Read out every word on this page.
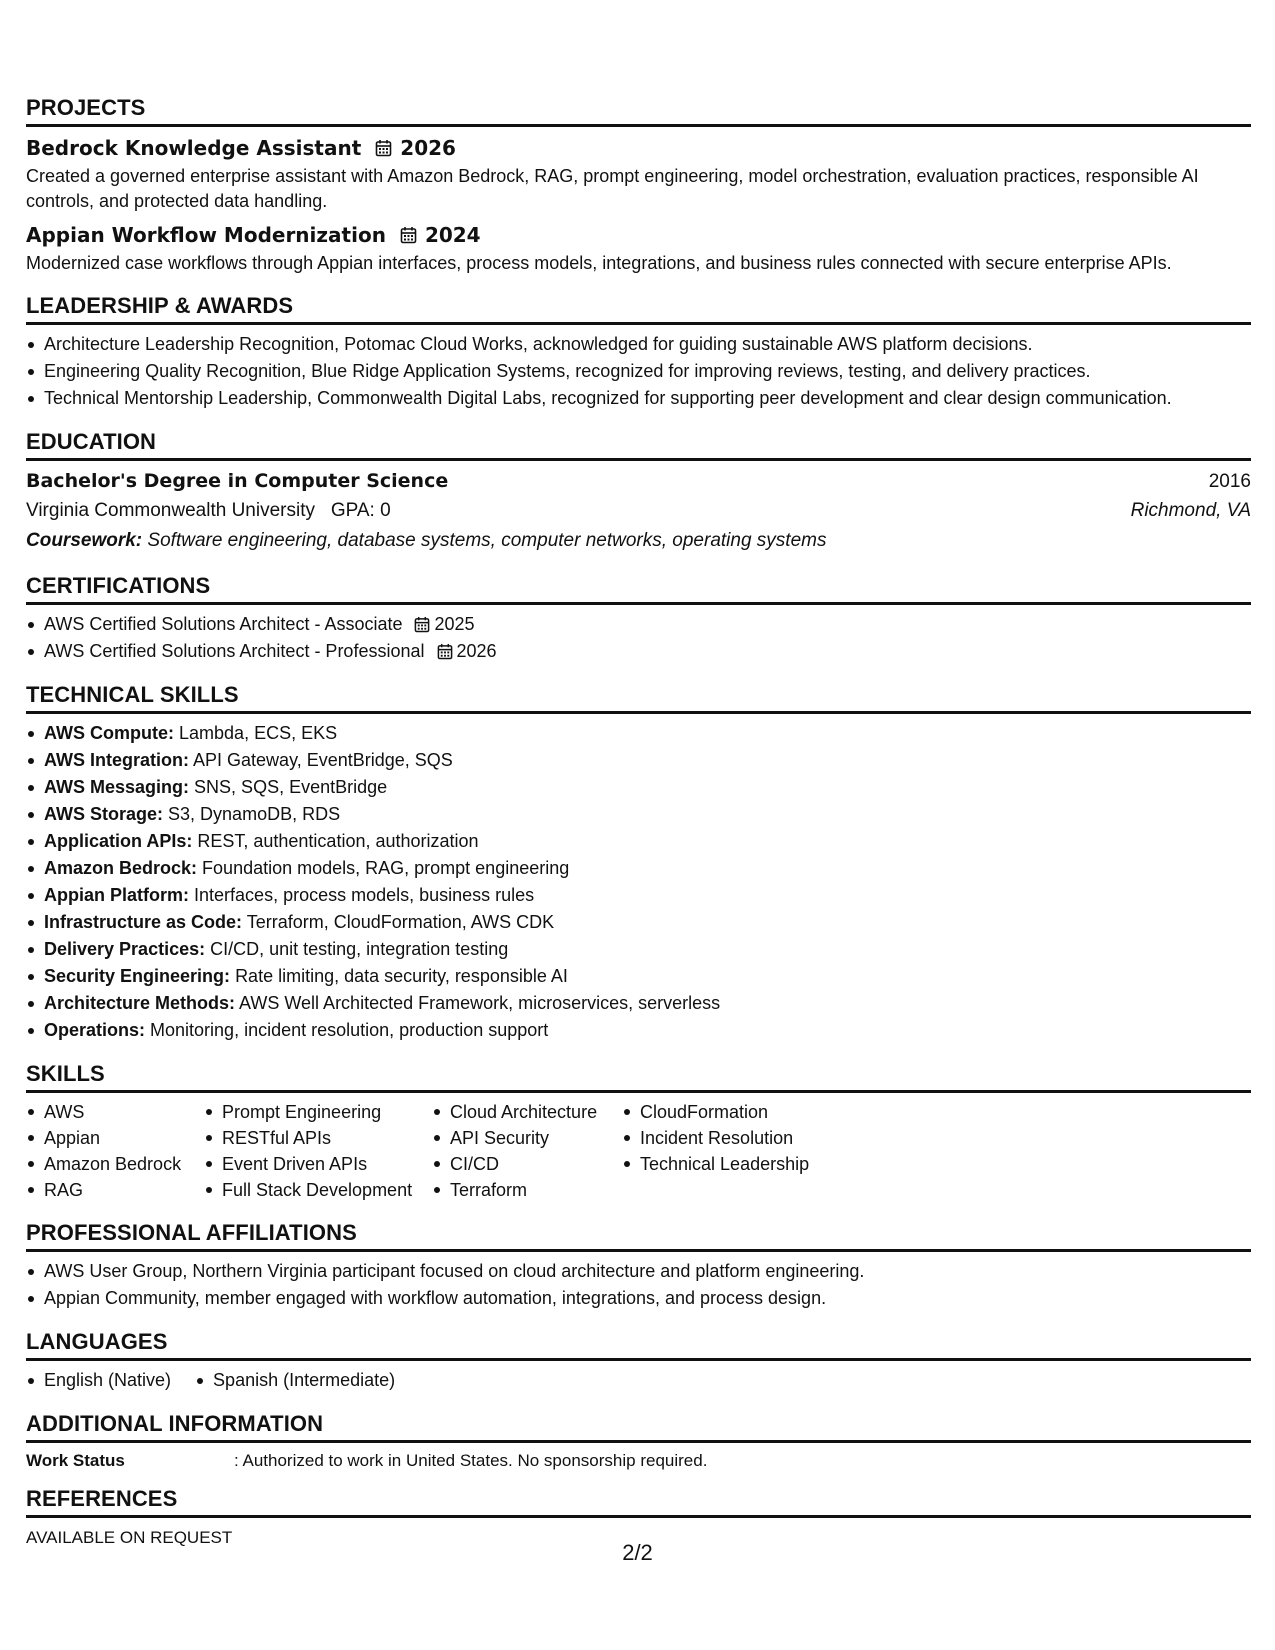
PROJECTS
Bedrock Knowledge Assistant 2026
Created a governed enterprise assistant with Amazon Bedrock, RAG, prompt engineering, model orchestration, evaluation practices, responsible AI controls, and protected data handling.
Appian Workflow Modernization 2024
Modernized case workflows through Appian interfaces, process models, integrations, and business rules connected with secure enterprise APIs.
LEADERSHIP & AWARDS
Architecture Leadership Recognition, Potomac Cloud Works, acknowledged for guiding sustainable AWS platform decisions.
Engineering Quality Recognition, Blue Ridge Application Systems, recognized for improving reviews, testing, and delivery practices.
Technical Mentorship Leadership, Commonwealth Digital Labs, recognized for supporting peer development and clear design communication.
EDUCATION
Bachelor's Degree in Computer Science	2016
Virginia Commonwealth University GPA: 0	Richmond, VA
Coursework: Software engineering, database systems, computer networks, operating systems
CERTIFICATIONS
AWS Certified Solutions Architect - Associate 2025
AWS Certified Solutions Architect - Professional 2026
TECHNICAL SKILLS
AWS Compute: Lambda, ECS, EKS
AWS Integration: API Gateway, EventBridge, SQS
AWS Messaging: SNS, SQS, EventBridge
AWS Storage: S3, DynamoDB, RDS
Application APIs: REST, authentication, authorization
Amazon Bedrock: Foundation models, RAG, prompt engineering
Appian Platform: Interfaces, process models, business rules
Infrastructure as Code: Terraform, CloudFormation, AWS CDK
Delivery Practices: CI/CD, unit testing, integration testing
Security Engineering: Rate limiting, data security, responsible AI
Architecture Methods: AWS Well Architected Framework, microservices, serverless
Operations: Monitoring, incident resolution, production support
SKILLS
AWS
Appian
Amazon Bedrock
RAG
Prompt Engineering
RESTful APIs
Event Driven APIs
Full Stack Development
Cloud Architecture
API Security
CI/CD
Terraform
CloudFormation
Incident Resolution
Technical Leadership
PROFESSIONAL AFFILIATIONS
AWS User Group, Northern Virginia participant focused on cloud architecture and platform engineering.
Appian Community, member engaged with workflow automation, integrations, and process design.
LANGUAGES
English (Native)	Spanish (Intermediate)
ADDITIONAL INFORMATION
Work Status	: Authorized to work in United States. No sponsorship required.
REFERENCES
AVAILABLE ON REQUEST
2/2
